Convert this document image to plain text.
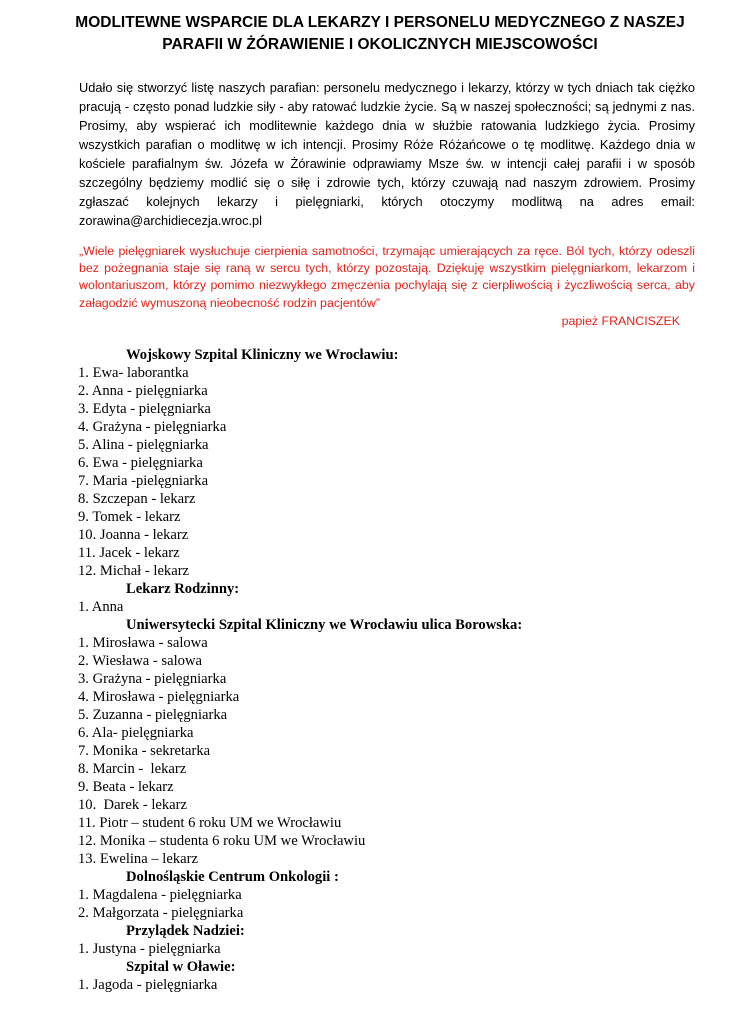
MODLITEWNE WSPARCIE DLA LEKARZY I PERSONELU MEDYCZNEGO Z NASZEJ
PARAFII W ŻÓRAWIENIE I OKOLICZNYCH MIEJSCOWOŚCI

Udało się stworzyć listę naszych parafian: personelu medycznego i lekarzy, którzy w tych dniach tak ciężko pracują - często ponad ludzkie siły - aby ratować ludzkie życie. Są w naszej społeczności; są jednymi z nas. Prosimy, aby wspierać ich modlitewnie każdego dnia w służbie ratowania ludzkiego życia. Prosimy wszystkich parafian o modlitwę w ich intencji. Prosimy Róże Różańcowe o tę modlitwę. Każdego dnia w kościele parafialnym św. Józefa w Żórawinie odprawiamy Msze św. w intencji całej parafii i w sposób szczególny będziemy modlić się o siłę i zdrowie tych, którzy czuwają nad naszym zdrowiem. Prosimy zgłaszać kolejnych lekarzy i pielęgniarki, których otoczymy modlitwą na adres email: zorawina@archidiecezja.wroc.pl

„Wiele pielęgniarek wysłuchuje cierpienia samotności, trzymając umierających za ręce. Ból tych, którzy odeszli bez pożegnania staje się raną w sercu tych, którzy pozostają. Dziękuję wszystkim pielęgniarkom, lekarzom i wolontariuszom, którzy pomimo niezwykłego zmęczenia pochylają się z cierpliwością i życzliwością serca, aby załagodzić wymuszoną nieobecność rodzin pacjentów”

papież FRANCISZEK

Wojskowy Szpital Kliniczny we Wrocławiu:

1. Ewa- laborantka

2. Anna - pielęgniarka

3. Edyta - pielęgniarka

4. Grażyna - pielęgniarka

5. Alina - pielęgniarka

6. Ewa - pielęgniarka

7. Maria -pielęgniarka

8. Szczepan - lekarz

9. Tomek - lekarz

10. Joanna - lekarz

11. Jacek - lekarz

12. Michał - lekarz

Lekarz Rodzinny:

1. Anna

Uniwersytecki Szpital Kliniczny we Wrocławiu ulica Borowska:

1. Mirosława - salowa

2. Wiesława - salowa

3. Grażyna - pielęgniarka

4. Mirosława - pielęgniarka

5. Zuzanna - pielęgniarka

6. Ala- pielęgniarka

7. Monika - sekretarka

8. Marcin -  lekarz

9. Beata - lekarz

10.  Darek - lekarz

11. Piotr – student 6 roku UM we Wrocławiu

12. Monika – studenta 6 roku UM we Wrocławiu

13. Ewelina – lekarz

Dolnośląskie Centrum Onkologii :

1. Magdalena - pielęgniarka

2. Małgorzata - pielęgniarka

Przylądek Nadziei:

1. Justyna - pielęgniarka

Szpital w Oławie:

1. Jagoda - pielęgniarka
